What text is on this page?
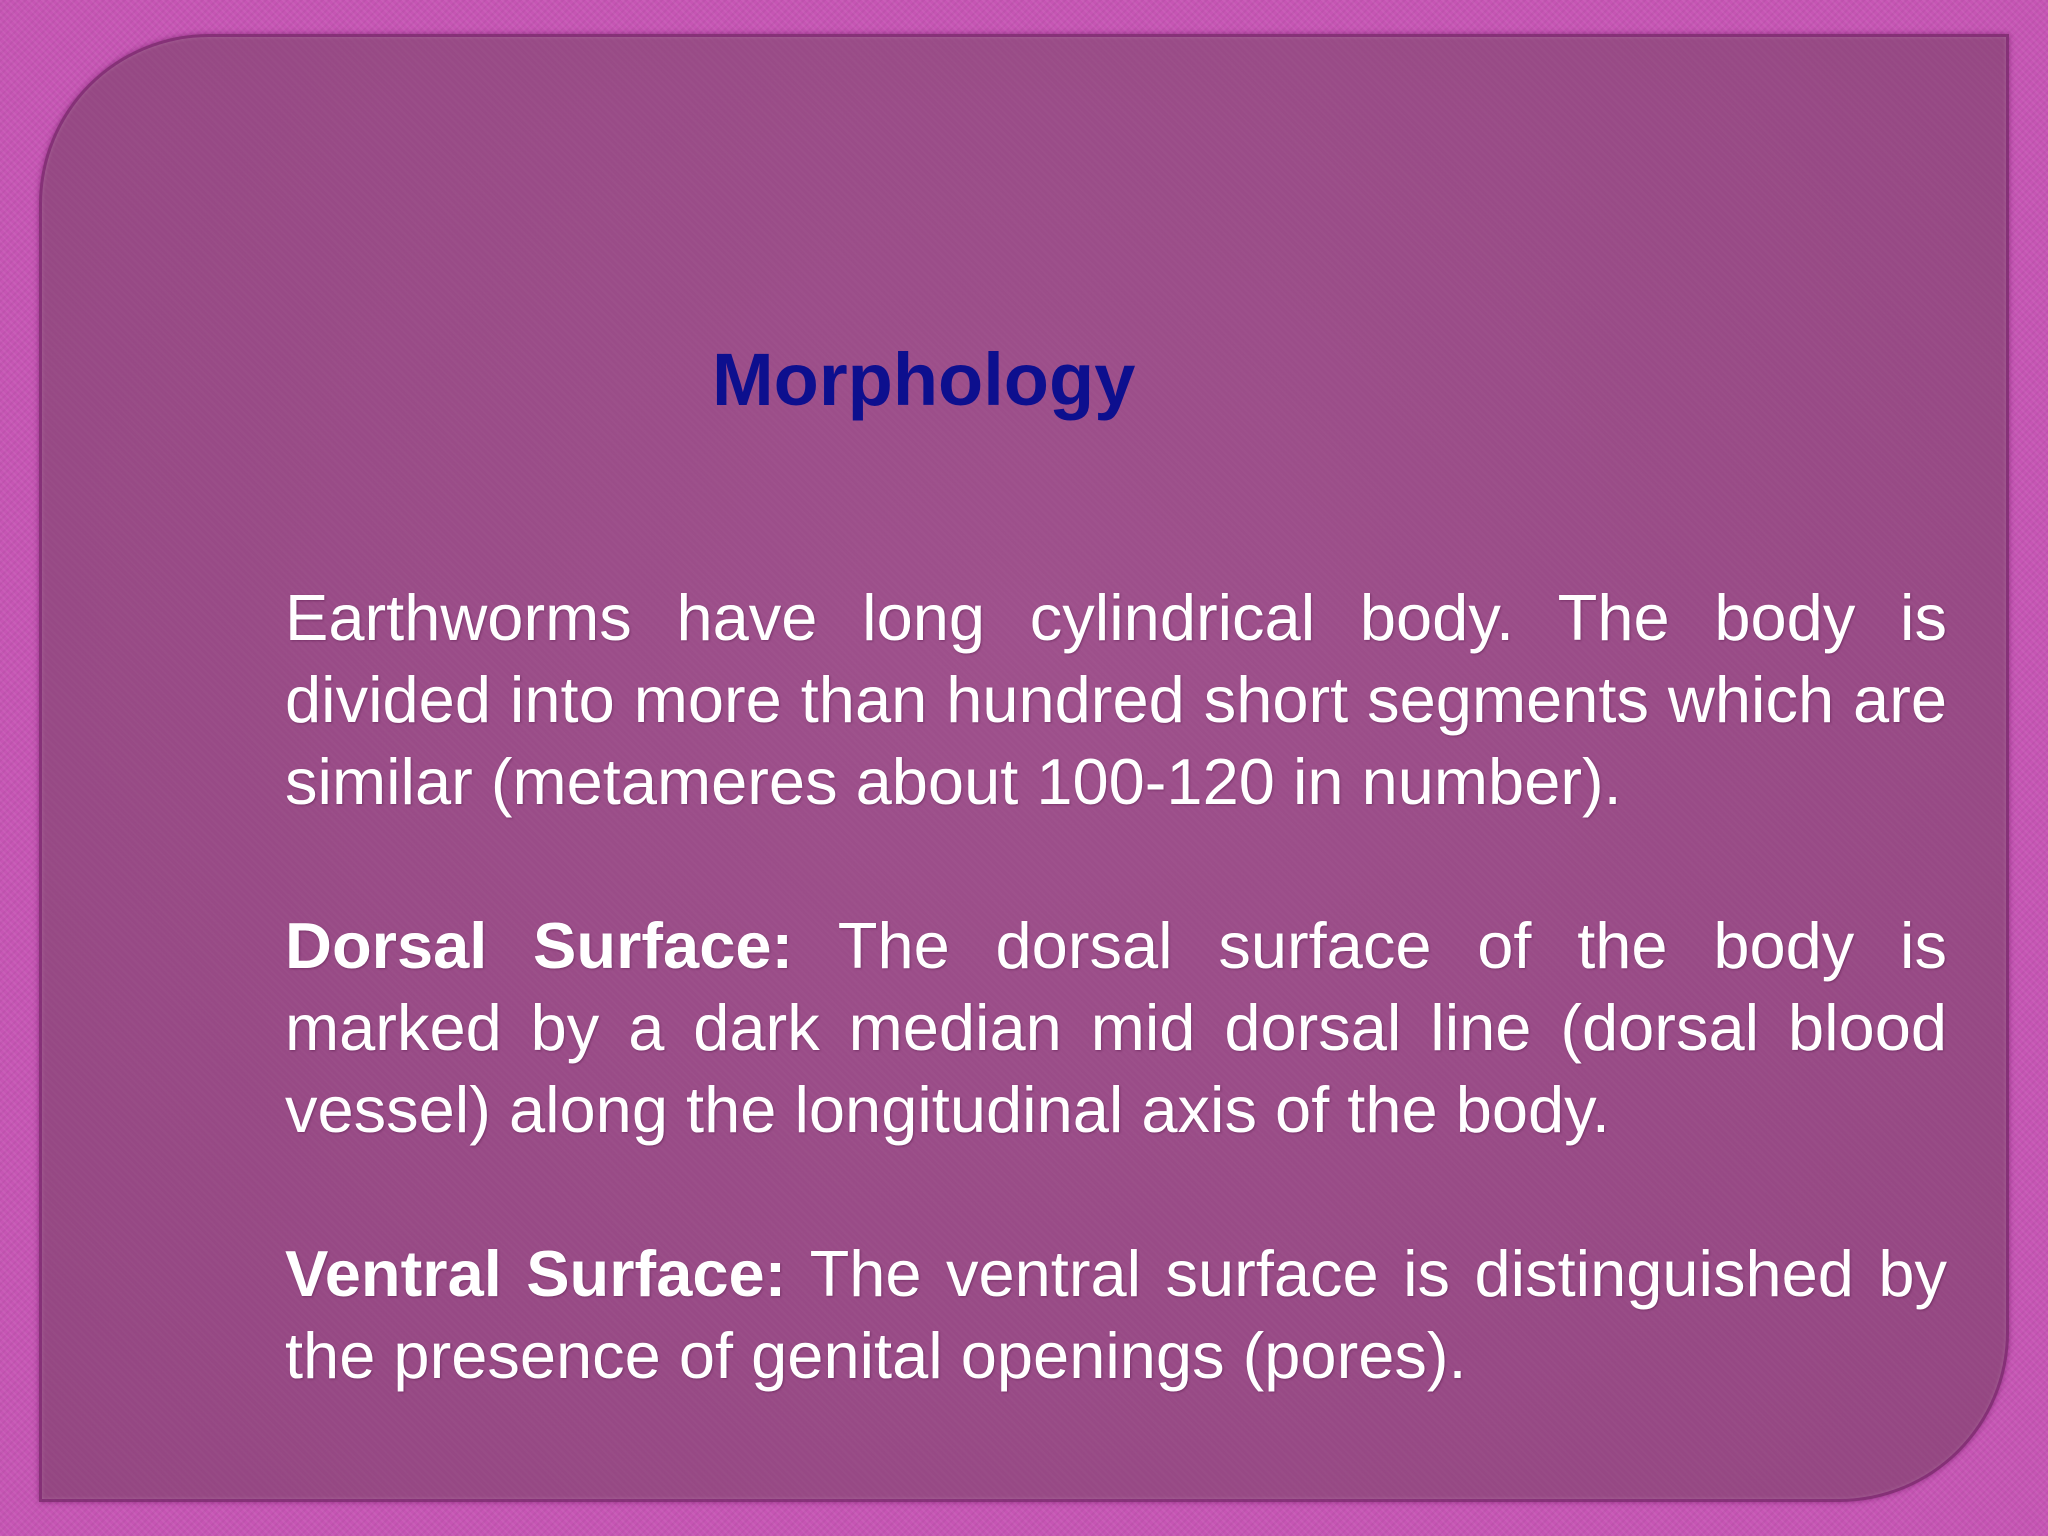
Morphology

Earthworms have long cylindrical body. The body is divided into more than hundred short segments which are similar (metameres about 100-120 in number).

Dorsal Surface: The dorsal surface of the body is marked by a dark median mid dorsal line (dorsal blood vessel) along the longitudinal axis of the body.

Ventral Surface: The ventral surface is distinguished by the presence of genital openings (pores).
